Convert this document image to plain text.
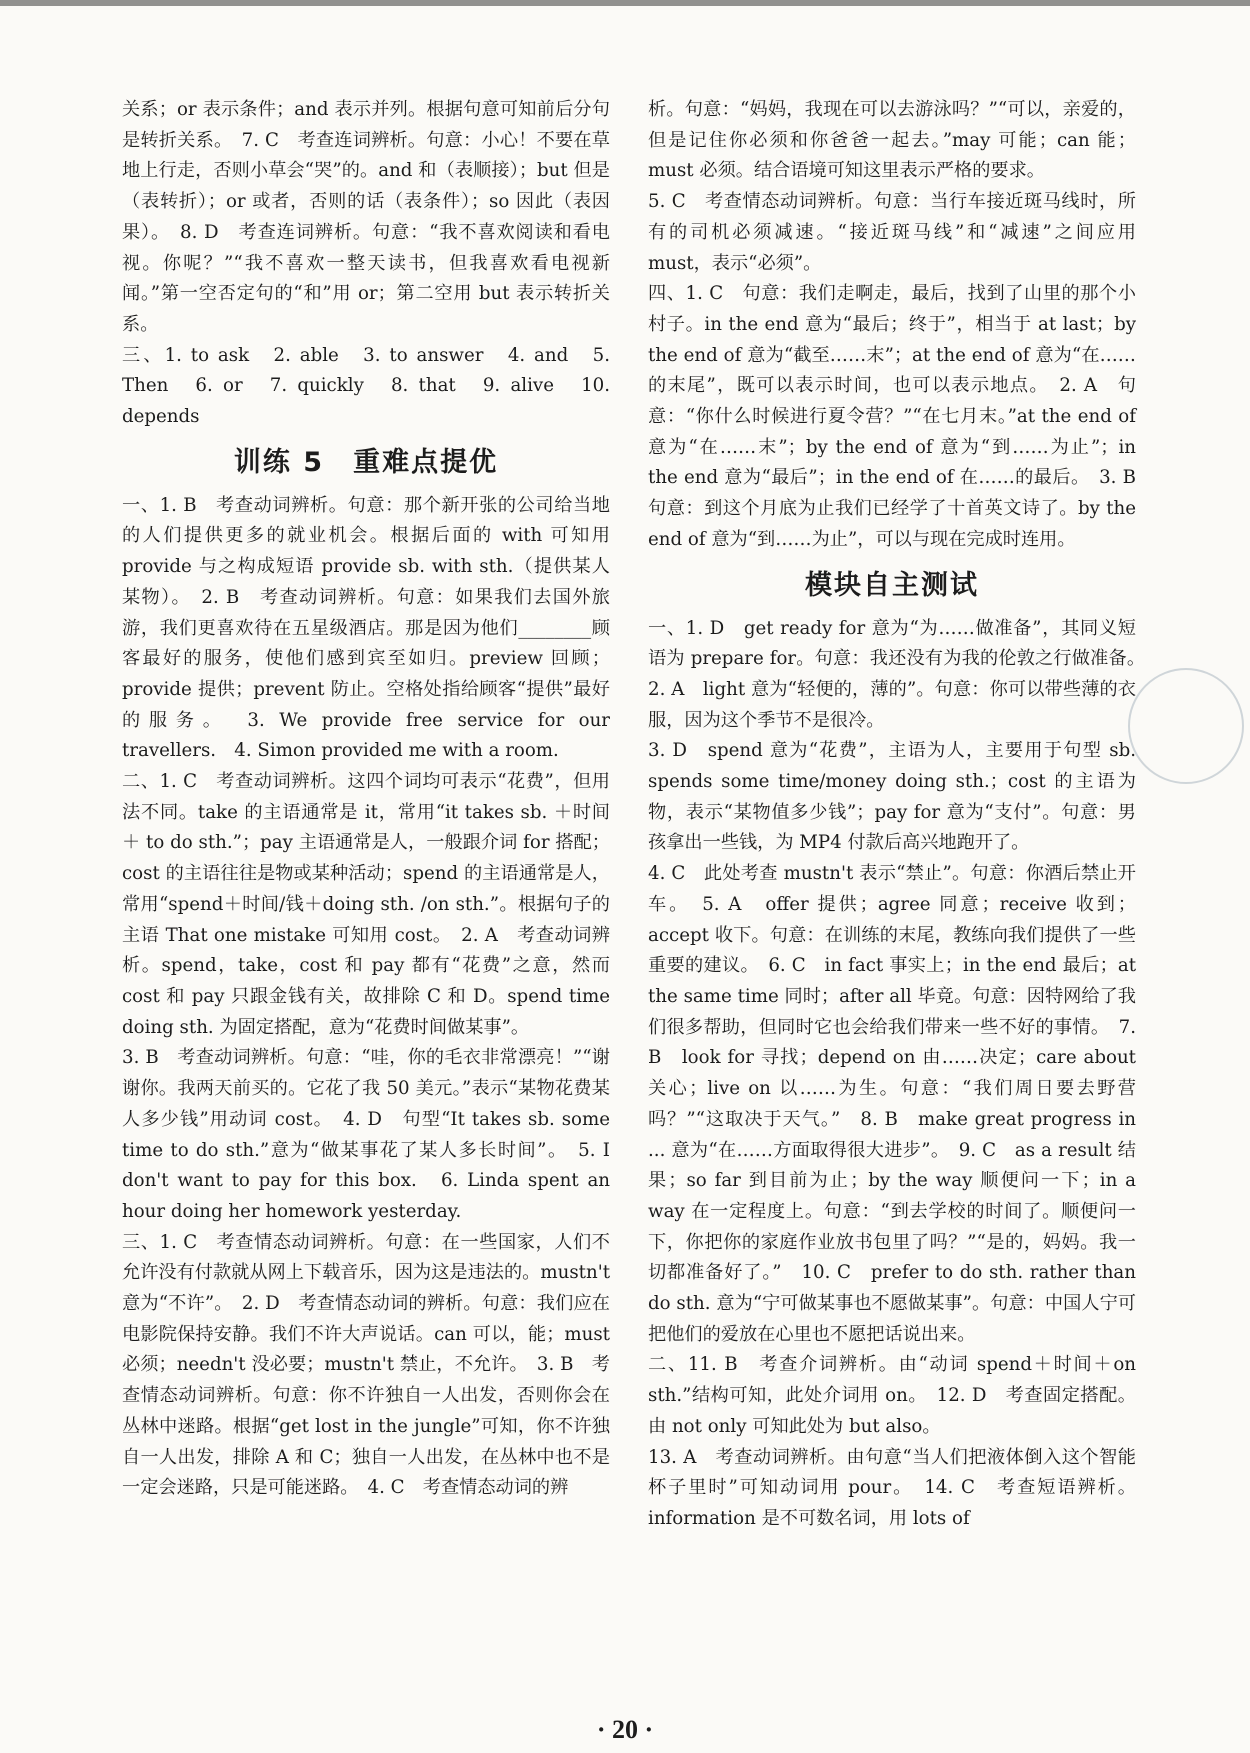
关系；or 表示条件；and 表示并列。根据句意可知前后分句是转折关系。　7. C　考查连词辨析。句意：小心！不要在草地上行走，否则小草会“哭”的。and 和（表顺接）；but 但是（表转折）；or 或者，否则的话（表条件）；so 因此（表因果）。　8. D　考查连词辨析。句意：“我不喜欢阅读和看电视。你呢？”“我不喜欢一整天读书，但我喜欢看电视新闻。”第一空否定句的“和”用 or；第二空用 but 表示转折关系。

三、1. to ask　2. able　3. to answer　4. and　5. Then　6. or　7. quickly　8. that　9. alive　10. depends

训练 5　重难点提优

一、1. B　考查动词辨析。句意：那个新开张的公司给当地的人们提供更多的就业机会。根据后面的 with 可知用 provide 与之构成短语 provide sb. with sth.（提供某人某物）。　2. B　考查动词辨析。句意：如果我们去国外旅游，我们更喜欢待在五星级酒店。那是因为他们________顾客最好的服务，使他们感到宾至如归。preview 回顾；provide 提供；prevent 防止。空格处指给顾客“提供”最好的服务。　3. We provide free service for our travellers.　4. Simon provided me with a room.

二、1. C　考查动词辨析。这四个词均可表示“花费”，但用法不同。take 的主语通常是 it，常用“it takes sb. ＋时间＋ to do sth.”；pay 主语通常是人，一般跟介词 for 搭配；cost 的主语往往是物或某种活动；spend 的主语通常是人，常用“spend＋时间/钱＋doing sth. /on sth.”。根据句子的主语 That one mistake 可知用 cost。　2. A　考查动词辨析。spend，take，cost 和 pay 都有“花费”之意，然而 cost 和 pay 只跟金钱有关，故排除 C 和 D。spend time doing sth. 为固定搭配，意为“花费时间做某事”。

3. B　考查动词辨析。句意：“哇，你的毛衣非常漂亮！”“谢谢你。我两天前买的。它花了我 50 美元。”表示“某物花费某人多少钱”用动词 cost。　4. D　句型“It takes sb. some time to do sth.”意为“做某事花了某人多长时间”。　5. I don't want to pay for this box.　6. Linda spent an hour doing her homework yesterday.

三、1. C　考查情态动词辨析。句意：在一些国家，人们不允许没有付款就从网上下载音乐，因为这是违法的。mustn't 意为“不许”。　2. D　考查情态动词的辨析。句意：我们应在电影院保持安静。我们不许大声说话。can 可以，能；must 必须；needn't 没必要；mustn't 禁止，不允许。　3. B　考查情态动词辨析。句意：你不许独自一人出发，否则你会在丛林中迷路。根据“get lost in the jungle”可知，你不许独自一人出发，排除 A 和 C；独自一人出发，在丛林中也不是一定会迷路，只是可能迷路。　4. C　考查情态动词的辨

析。句意：“妈妈，我现在可以去游泳吗？”“可以，亲爱的，但是记住你必须和你爸爸一起去。”may 可能；can 能；must 必须。结合语境可知这里表示严格的要求。

5. C　考查情态动词辨析。句意：当行车接近斑马线时，所有的司机必须减速。“接近斑马线”和“减速”之间应用 must，表示“必须”。

四、1. C　句意：我们走啊走，最后，找到了山里的那个小村子。in the end 意为“最后；终于”，相当于 at last；by the end of 意为“截至……末”；at the end of 意为“在……的末尾”，既可以表示时间，也可以表示地点。　2. A　句意：“你什么时候进行夏令营？”“在七月末。”at the end of 意为“在……末”；by the end of 意为“到……为止”；in the end 意为“最后”；in the end of 在……的最后。　3. B　句意：到这个月底为止我们已经学了十首英文诗了。by the end of 意为“到……为止”，可以与现在完成时连用。

模块自主测试

一、1. D　get ready for 意为“为……做准备”，其同义短语为 prepare for。句意：我还没有为我的伦敦之行做准备。　2. A　light 意为“轻便的，薄的”。句意：你可以带些薄的衣服，因为这个季节不是很冷。

3. D　spend 意为“花费”，主语为人，主要用于句型 sb. spends some time/money doing sth.；cost 的主语为物，表示“某物值多少钱”；pay for 意为“支付”。句意：男孩拿出一些钱，为 MP4 付款后高兴地跑开了。

4. C　此处考查 mustn't 表示“禁止”。句意：你酒后禁止开车。　5. A　offer 提供；agree 同意；receive 收到；accept 收下。句意：在训练的末尾，教练向我们提供了一些重要的建议。　6. C　in fact 事实上；in the end 最后；at the same time 同时；after all 毕竟。句意：因特网给了我们很多帮助，但同时它也会给我们带来一些不好的事情。　7. B　look for 寻找；depend on 由……决定；care about 关心；live on 以……为生。句意：“我们周日要去野营吗？”“这取决于天气。”　8. B　make great progress in ... 意为“在……方面取得很大进步”。　9. C　as a result 结果；so far 到目前为止；by the way 顺便问一下；in a way 在一定程度上。句意：“到去学校的时间了。顺便问一下，你把你的家庭作业放书包里了吗？”“是的，妈妈。我一切都准备好了。”　10. C　prefer to do sth. rather than do sth. 意为“宁可做某事也不愿做某事”。句意：中国人宁可把他们的爱放在心里也不愿把话说出来。

二、11. B　考查介词辨析。由“动词 spend＋时间＋on sth.”结构可知，此处介词用 on。　12. D　考查固定搭配。由 not only 可知此处为 but also。

13. A　考查动词辨析。由句意“当人们把液体倒入这个智能杯子里时”可知动词用 pour。　14. C　考查短语辨析。information 是不可数名词，用 lots of

· 20 ·
